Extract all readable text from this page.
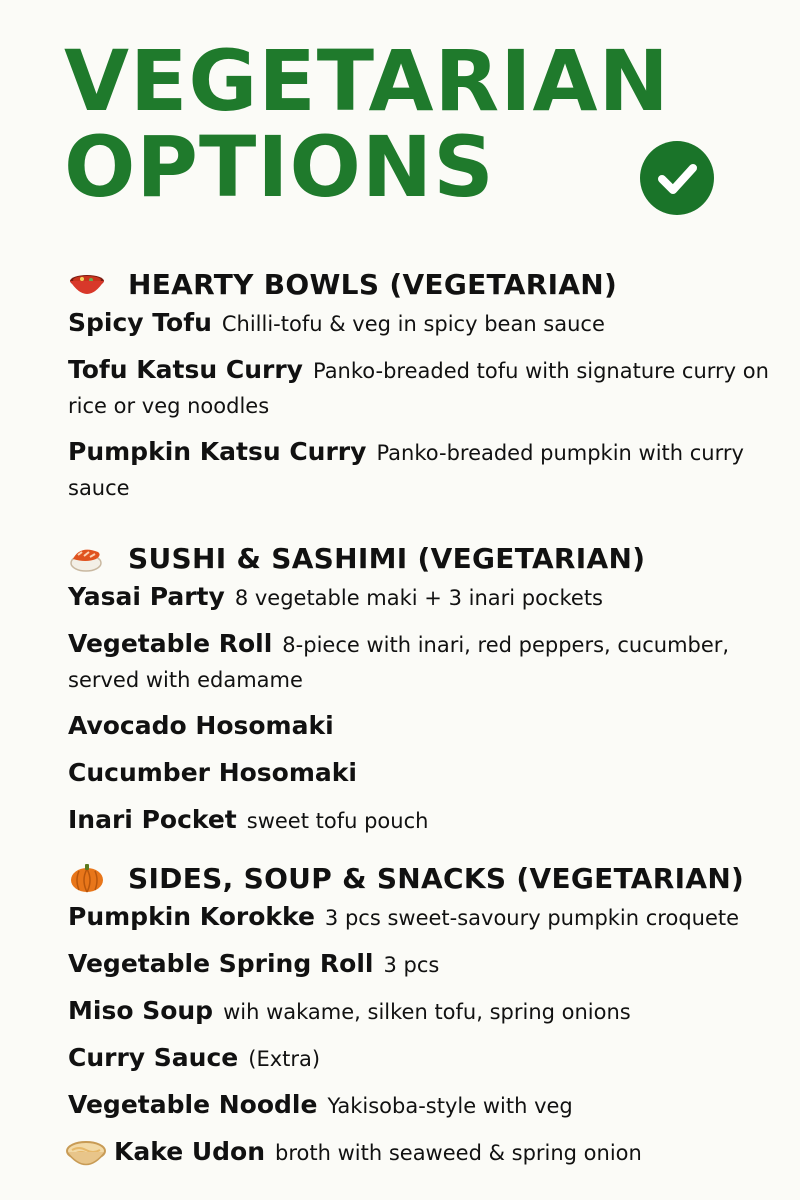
VEGETARIAN
OPTIONS
HEARTY BOWLS (VEGETARIAN)
Spicy Tofu Chilli-tofu & veg in spicy bean sauce
Tofu Katsu Curry Panko-breaded tofu with signature curry on rice or veg noodles
Pumpkin Katsu Curry Panko-breaded pumpkin with curry sauce
SUSHI & SASHIMI (VEGETARIAN)
Yasai Party 8 vegetable maki + 3 inari pockets
Vegetable Roll 8-piece with inari, red peppers, cucumber, served with edamame
Avocado Hosomaki
Cucumber Hosomaki
Inari Pocket sweet tofu pouch
SIDES, SOUP & SNACKS (VEGETARIAN)
Pumpkin Korokke 3 pcs sweet-savoury pumpkin croquete
Vegetable Spring Roll 3 pcs
Miso Soup wih wakame, silken tofu, spring onions
Curry Sauce (Extra)
Vegetable Noodle Yakisoba-style with veg
Kake Udon broth with seaweed & spring onion
